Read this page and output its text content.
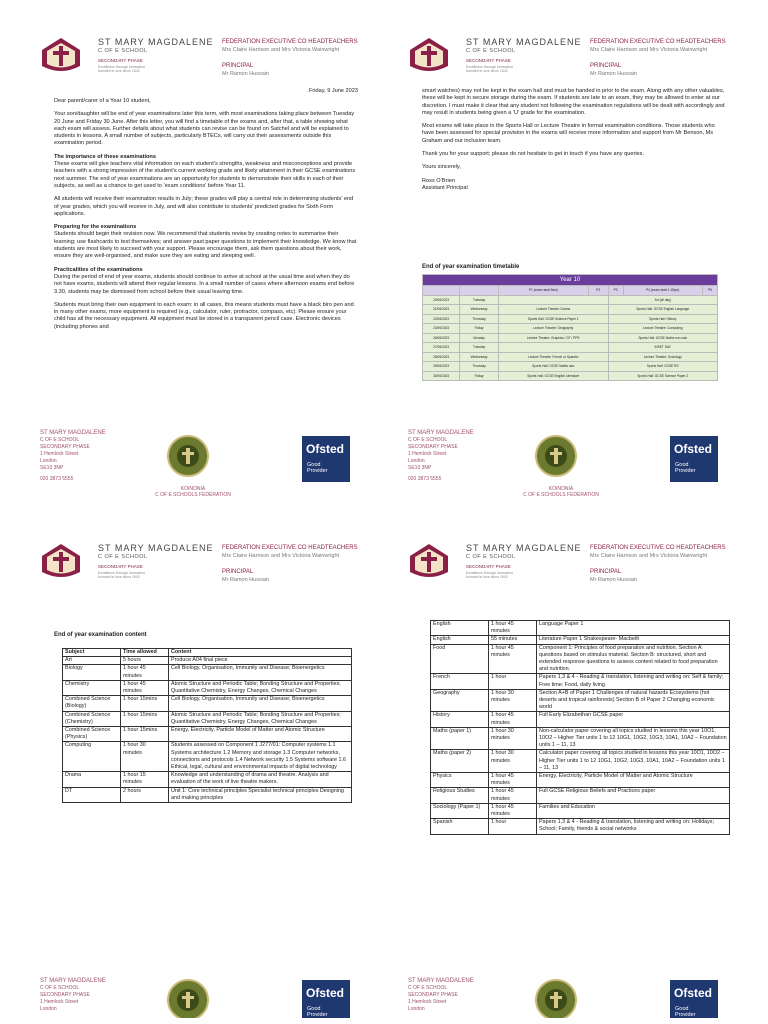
ST MARY MAGDALENE
C OF E SCHOOL
SECONDARY PHASE
Excellence through Innovation
founded in love since 1842
FEDERATION EXECUTIVE CO HEADTEACHERS
Mrs Claire Harrison and Mrs Victoria Wainwright
PRINCIPAL
Mr Ramon Hussain
Friday, 9 June 2023

Dear parent/carer of a Year 10 student,

Your son/daughter will be end of year examinations later this term, with most examinations taking place between Tuesday 20 June and Friday 30 June. After this letter, you will find a timetable of the exams and, after that, a table showing what each exam will assess. Further details about what students can revise can be found on Satchel and will be explained to students in lessons. A small number of subjects, particularly BTECs, will carry out their assessments outside this examination period.

The importance of these examinations

These exams will give teachers vital information on each student’s strengths, weakness and misconceptions and provide teachers with a strong impression of the student’s current working grade and likely attainment in their GCSE examinations next summer. The end of year examinations are an opportunity for students to demonstrate their skills in each of their subjects, as well as a chance to get used to ‘exam conditions’ before Year 11.

All students will receive their examination results in July; these grades will play a central role in determining students’ end of year grades, which you will receive in July, and will also contribute to students’ predicted grades for Sixth Form applications.

Preparing for the examinations

Students should begin their revision now. We recommend that students revise by creating notes to summarise their learning; use flashcards to test themselves; and answer past paper questions to implement their knowledge. We know that students are most likely to succeed with your support. Please encourage them, ask them questions about their work, ensure they are well-organised, and make sure they are eating and sleeping well.

Practicalities of the examinations

During the period of end of year exams, students should continue to arrive at school at the usual time and when they do not have exams, students will attend their regular lessons. In a small number of cases where afternoon exams end before 3.30, students may be dismissed from school before their usual leaving time.

Students must bring their own equipment to each exam: in all cases, this means students must have a black biro pen and in many other exams, more equipment is required (e.g., calculator, ruler, protractor, compass, etc). Please ensure your child has all the necessary equipment. All equipment must be stored in a transparent pencil case. Electronic devices (including phones and

ST MARY MAGDALENE
C OF E SCHOOL
SECONDARY PHASE
1 Hemlock Street
London
SE10 3NP
020 3873 5555
KOINONIA
C OF E SCHOOLS FEDERATION
Ofsted
Good
Provider
ST MARY MAGDALENE
C OF E SCHOOL
SECONDARY PHASE
Excellence through Innovation
founded in love since 1842
FEDERATION EXECUTIVE CO HEADTEACHERS
Mrs Claire Harrison and Mrs Victoria Wainwright
PRINCIPAL
Mr Ramon Hussain

smart watches) may not be kept in the exam hall and must be handed in prior to the exam. Along with any other valuables, these will be kept in secure storage during the exam. If students are late to an exam, they may be allowed to enter at our discretion. I must make it clear that any student not following the examination regulations will be dealt with accordingly and may result in students being given a ‘U’ grade for the examination.

Most exams will take place in the Sports Hall or Lecture Theatre in formal examination conditions. Those students who have been assessed for special provision in the exams will receive more information and support from Mr Benson, Ms Graham and our inclusion team.

Thank you for your support; please do not hesitate to get in touch if you have any queries.

Yours sincerely,

Ross O’Brien

Assistant Principal

End of year examination timetable
Year 10						
		P1 (exam start 9am)	P2	P3	P4 (exam start 1.15pm)	P5
20/06/2023	Tuesday			Art (all day)		
21/06/2023	Wednesday	Lecture Theatre: Drama		Sports Hall: GCSE English Language		
22/06/2023	Thursday	Sports Hall: GCSE Science Paper 1		Sports Hall: History		
23/06/2023	Friday	Lecture Theatre: Geography		Lecture Theatre: Computing		
26/06/2023	Monday	Lecture Theatre: Graphics / DT / PPE		Sports Hall: GCSE Maths non calc		
27/06/2023	Tuesday			INSET DAY		
28/06/2023	Wednesday	Lecture Theatre: French or Spanish		Lecture Theatre: Sociology		
29/06/2023	Thursday	Sports Hall: GCSE Maths calc		Sports Hall: GCSE RS		
30/06/2023	Friday	Sports Hall: GCSE English Literature		Sports Hall: GCSE Science Paper 2		
ST MARY MAGDALENE
C OF E SCHOOL
SECONDARY PHASE
1 Hemlock Street
London
SE10 3NP
020 3873 5555
KOINONIA
C OF E SCHOOLS FEDERATION
Ofsted
Good
Provider
ST MARY MAGDALENE
C OF E SCHOOL
SECONDARY PHASE
Excellence through Innovation
founded in love since 1842
FEDERATION EXECUTIVE CO HEADTEACHERS
Mrs Claire Harrison and Mrs Victoria Wainwright
PRINCIPAL
Mr Ramon Hussain
End of year examination content
Subject	Time allowed	Content
Art	5 hours	Produce A04 final piece
Biology	1 hour 45 minutes	Cell Biology, Organisation, Immunity and Disease; Bioenergetics
Chemistry	1 hour 45 minutes	Atomic Structure and Periodic Table; Bonding Structure and Properties; Quantitative Chemistry, Energy Changes, Chemical Changes
Combined Science (Biology)	1 hour 15mins	Cell Biology, Organisation, Immunity and Disease; Bioenergetics
Combined Science (Chemistry)	1 hour 15mins	Atomic Structure and Periodic Table; Bonding Structure and Properties; Quantitative Chemistry, Energy Changes, Chemical Changes
Combined Science (Physics)	1 hour 15mins	Energy, Electricity, Particle Model of Matter and Atomic Structure
Computing	1 hour 30 minutes	Students assessed on Component 1 J277/01: Computer systems 1.1 Systems architecture 1.2 Memory and storage 1.3 Computer networks, connections and protocols 1.4 Network security 1.5 Systems software 1.6 Ethical, legal, cultural and environmental impacts of digital technology
Drama	1 hour 15 minutes	Knowledge and understanding of drama and theatre. Analysis and evaluation of the work of live theatre makers.
DT	2 hours	Unit 1: Core technical principles Specialist technical principles Designing and making principles
ST MARY MAGDALENE
C OF E SCHOOL
SECONDARY PHASE
1 Hemlock Street
London
Ofsted
Good
Provider
ST MARY MAGDALENE
C OF E SCHOOL
SECONDARY PHASE
Excellence through Innovation
founded in love since 1842
FEDERATION EXECUTIVE CO HEADTEACHERS
Mrs Claire Harrison and Mrs Victoria Wainwright
PRINCIPAL
Mr Ramon Hussain
English	1 hour 45 minutes	Language Paper 1
English	55 minutes	Literature Paper 1 Shakespeare- Macbeth
Food	1 hour 45 minutes	Component 1: Principles of food preparation and nutrition. Section A: questions based on stimulus material. Section B: structured, short and extended response questions to assess content related to food preparation and nutrition.
French	1 hour	Papers 1,3 & 4 - Reading & translation, listening and writing on: Self & family; Free time; Food, daily living
Geography	1 hour 30 minutes	Section A+B of Paper 1 Challenges of natural hazards Ecosystems (hot deserts and tropical rainforests) Section B of Paper 2 Changing economic world
History	1 hour 45 minutes	Full Early Elizabethan GCSE paper
Maths (paper 1)	1 hour 30 minutes	Non-calculator paper covering all topics studied in lessons this year 10O1, 10O2 – Higher Tier units 1 to 12 10G1, 10G2, 10G3, 10A1, 10A2 – Foundation units 1 – 11, 13
Maths (paper 2)	1 hour 30 minutes	Calculator paper covering all topics studied in lessons this year 10O1, 10O2 – Higher Tier units 1 to 12 10G1, 10G2, 10G3, 10A1, 10A2 – Foundation units 1 – 11, 13
Physics	1 hour 45 minutes	Energy, Electricity, Particle Model of Matter and Atomic Structure
Religious Studies	1 hour 45 minutes	Full GCSE Religious Beliefs and Practices paper
Sociology (Paper 1)	1 hour 45 minutes	Families and Education
Spanish	1 hour	Papers 1,3 & 4 - Reading & translation, listening and writing on: Holidays; School; Family, friends & social networks
ST MARY MAGDALENE
C OF E SCHOOL
SECONDARY PHASE
1 Hemlock Street
London
Ofsted
Good
Provider
